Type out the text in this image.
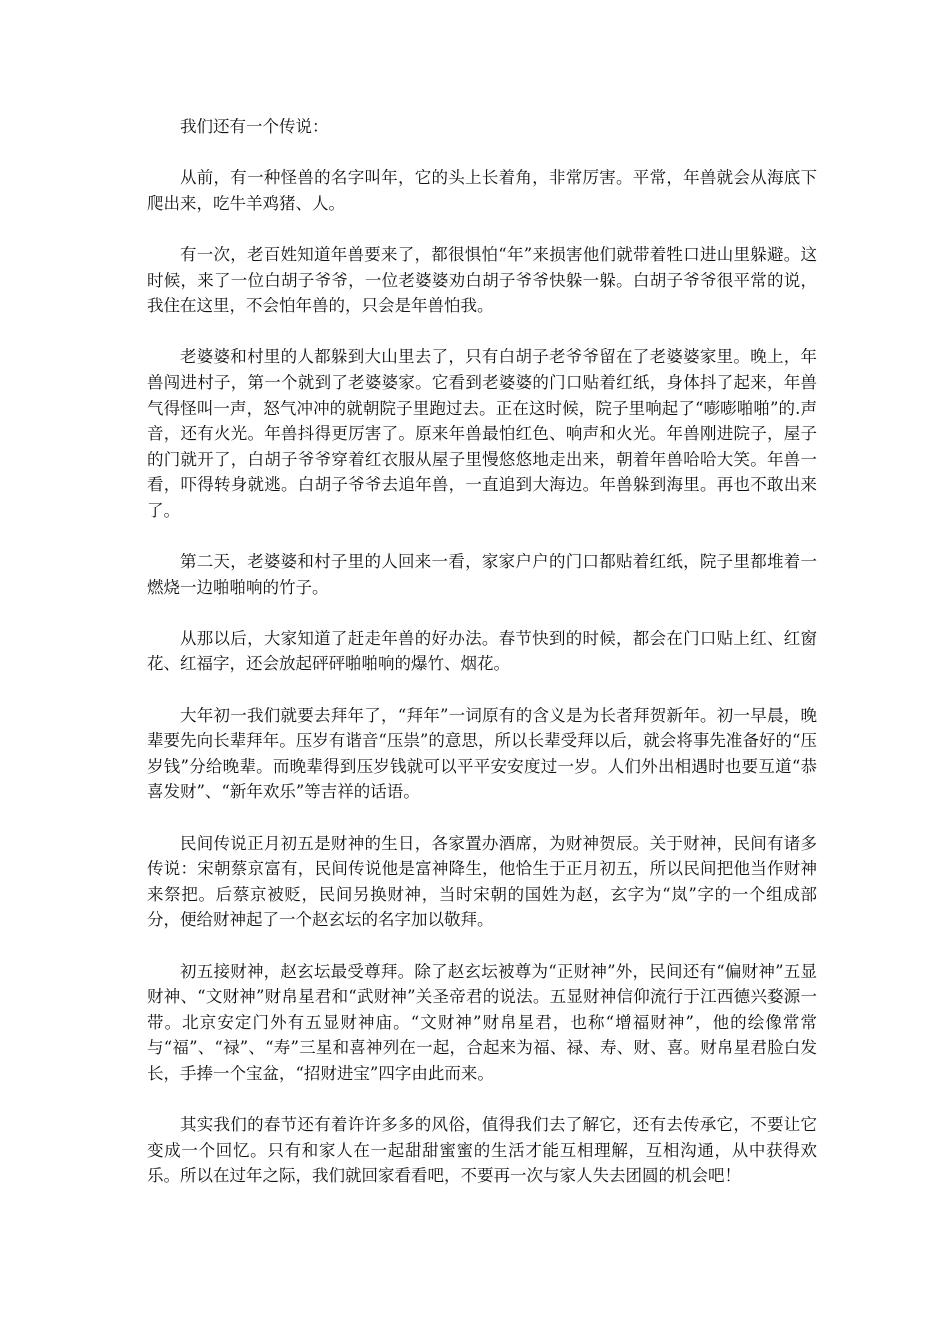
我们还有一个传说：

从前，有一种怪兽的名字叫年，它的头上长着角，非常厉害。平常，年兽就会从海底下爬出来，吃牛羊鸡猪、人。

有一次，老百姓知道年兽要来了，都很惧怕“年”来损害他们就带着牲口进山里躲避。这时候，来了一位白胡子爷爷，一位老婆婆劝白胡子爷爷快躲一躲。白胡子爷爷很平常的说，我住在这里，不会怕年兽的，只会是年兽怕我。

老婆婆和村里的人都躲到大山里去了，只有白胡子老爷爷留在了老婆婆家里。晚上，年兽闯进村子，第一个就到了老婆婆家。它看到老婆婆的门口贴着红纸，身体抖了起来，年兽气得怪叫一声，怒气冲冲的就朝院子里跑过去。正在这时候，院子里响起了“嘭嘭啪啪”的.声音，还有火光。年兽抖得更厉害了。原来年兽最怕红色、响声和火光。年兽刚进院子，屋子的门就开了，白胡子爷爷穿着红衣服从屋子里慢悠悠地走出来，朝着年兽哈哈大笑。年兽一看，吓得转身就逃。白胡子爷爷去追年兽，一直追到大海边。年兽躲到海里。再也不敢出来了。

第二天，老婆婆和村子里的人回来一看，家家户户的门口都贴着红纸，院子里都堆着一燃烧一边啪啪响的竹子。

从那以后，大家知道了赶走年兽的好办法。春节快到的时候，都会在门口贴上红、红窗花、红福字，还会放起砰砰啪啪响的爆竹、烟花。

大年初一我们就要去拜年了，“拜年”一词原有的含义是为长者拜贺新年。初一早晨，晚辈要先向长辈拜年。压岁有谐音“压祟”的意思，所以长辈受拜以后，就会将事先准备好的“压岁钱”分给晚辈。而晚辈得到压岁钱就可以平平安安度过一岁。人们外出相遇时也要互道“恭喜发财”、“新年欢乐”等吉祥的话语。

民间传说正月初五是财神的生日，各家置办酒席，为财神贺辰。关于财神，民间有诸多传说：宋朝蔡京富有，民间传说他是富神降生，他恰生于正月初五，所以民间把他当作财神来祭把。后蔡京被贬，民间另换财神，当时宋朝的国姓为赵，玄字为“岚”字的一个组成部分，便给财神起了一个赵玄坛的名字加以敬拜。

初五接财神，赵玄坛最受尊拜。除了赵玄坛被尊为“正财神”外，民间还有“偏财神”五显财神、“文财神”财帛星君和“武财神”关圣帝君的说法。五显财神信仰流行于江西德兴婺源一带。北京安定门外有五显财神庙。“文财神”财帛星君，也称“增福财神”，他的绘像常常与“福”、“禄”、“寿”三星和喜神列在一起，合起来为福、禄、寿、财、喜。财帛星君脸白发长，手捧一个宝盆，“招财进宝”四字由此而来。

其实我们的春节还有着许许多多的风俗，值得我们去了解它，还有去传承它，不要让它变成一个回忆。只有和家人在一起甜甜蜜蜜的生活才能互相理解，互相沟通，从中获得欢乐。所以在过年之际，我们就回家看看吧，不要再一次与家人失去团圆的机会吧！
